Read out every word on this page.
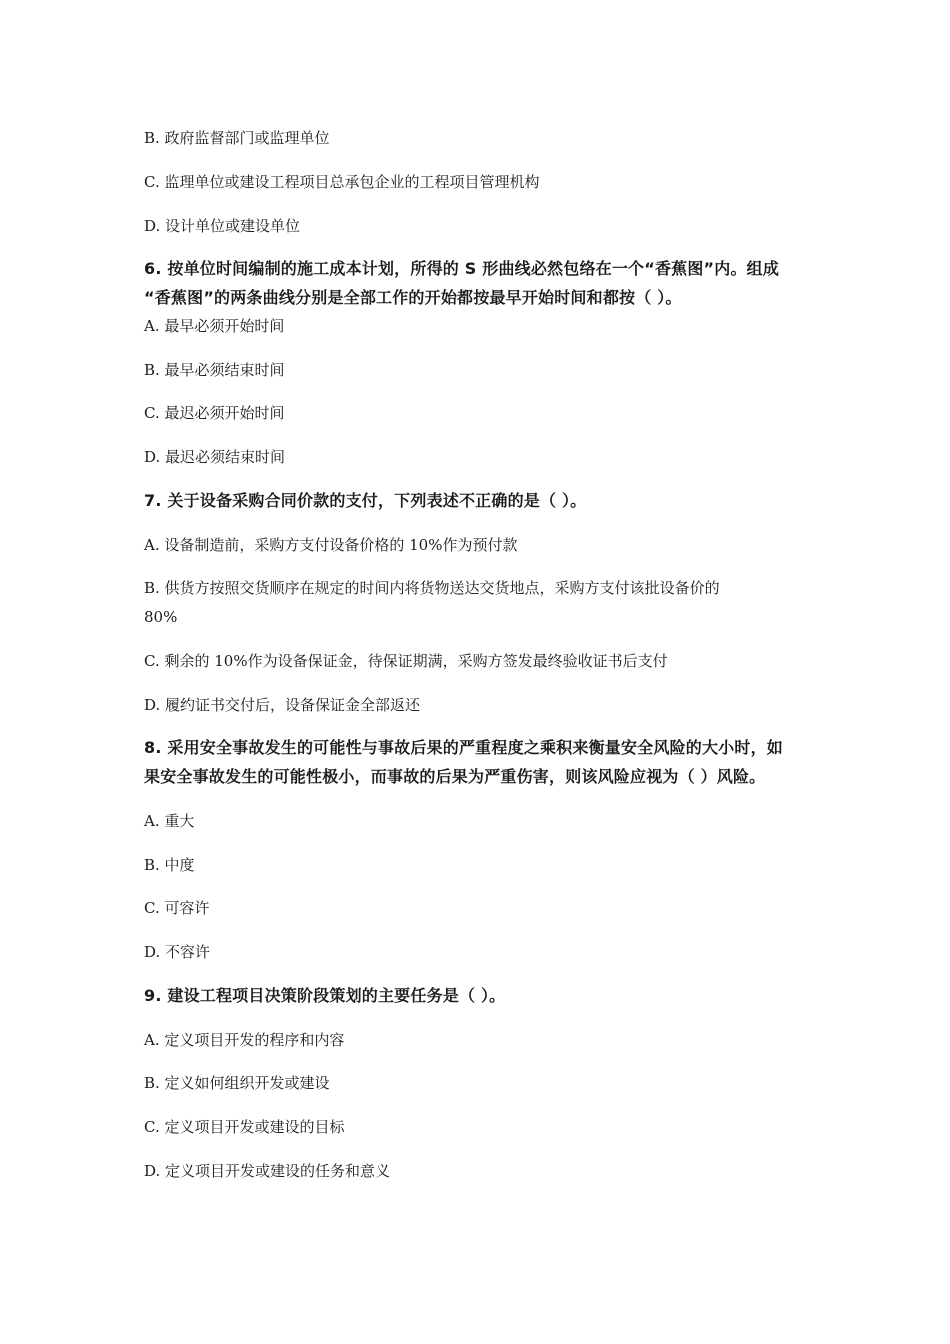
B. 政府监督部门或监理单位
C. 监理单位或建设工程项目总承包企业的工程项目管理机构
D. 设计单位或建设单位
6. 按单位时间编制的施工成本计划，所得的 S 形曲线必然包络在一个“香蕉图”内。组成
“香蕉图”的两条曲线分别是全部工作的开始都按最早开始时间和都按（ ）。
A. 最早必须开始时间
B. 最早必须结束时间
C. 最迟必须开始时间
D. 最迟必须结束时间
7. 关于设备采购合同价款的支付，下列表述不正确的是（ ）。
A. 设备制造前，采购方支付设备价格的 10%作为预付款
B. 供货方按照交货顺序在规定的时间内将货物送达交货地点，采购方支付该批设备价的
80%
C. 剩余的 10%作为设备保证金，待保证期满，采购方签发最终验收证书后支付
D. 履约证书交付后，设备保证金全部返还
8. 采用安全事故发生的可能性与事故后果的严重程度之乘积来衡量安全风险的大小时，如
果安全事故发生的可能性极小，而事故的后果为严重伤害，则该风险应视为（ ）风险。
A. 重大
B. 中度
C. 可容许
D. 不容许
9. 建设工程项目决策阶段策划的主要任务是（ ）。
A. 定义项目开发的程序和内容
B. 定义如何组织开发或建设
C. 定义项目开发或建设的目标
D. 定义项目开发或建设的任务和意义
